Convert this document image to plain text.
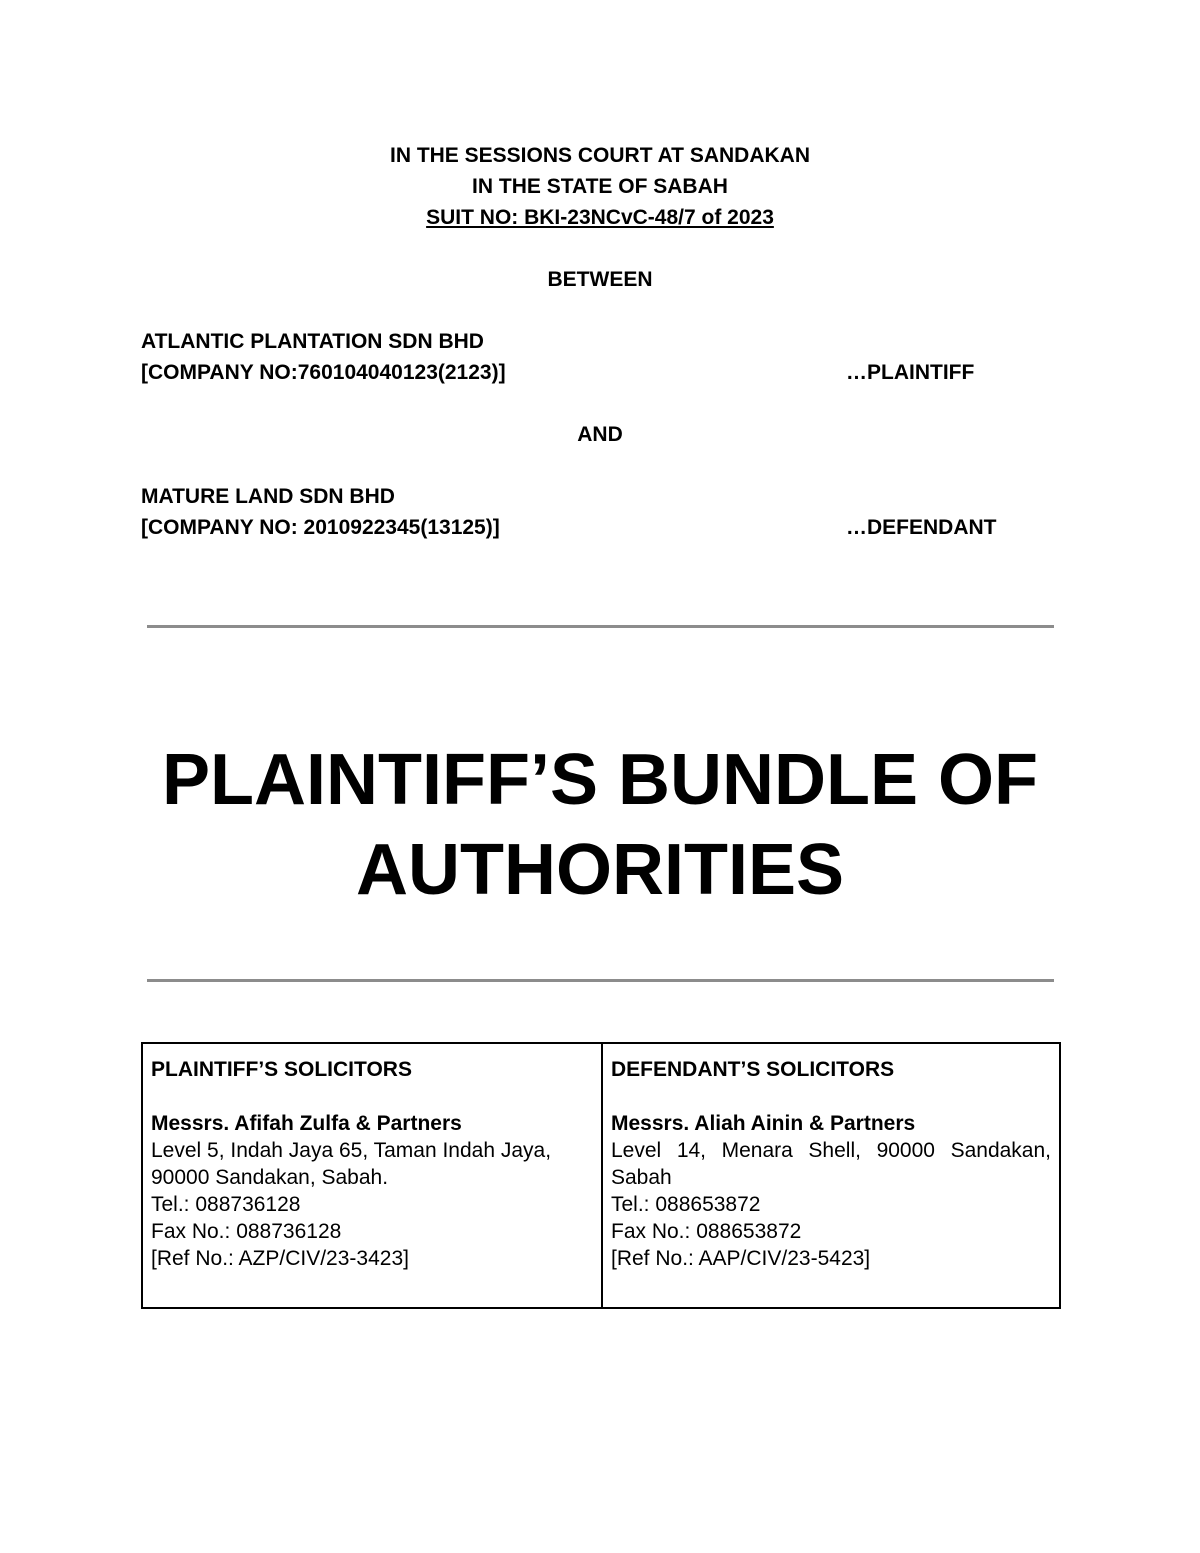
IN THE SESSIONS COURT AT SANDAKAN
IN THE STATE OF SABAH
SUIT NO: BKI-23NCvC-48/7 of 2023
BETWEEN
ATLANTIC PLANTATION SDN BHD
[COMPANY NO:760104040123(2123)]	…PLAINTIFF
AND
MATURE LAND SDN BHD
[COMPANY NO: 2010922345(13125)]	…DEFENDANT
PLAINTIFF’S BUNDLE OF
AUTHORITIES
PLAINTIFF’S SOLICITORS
Messrs. Afifah Zulfa & Partners
Level 5, Indah Jaya 65, Taman Indah Jaya,
90000 Sandakan, Sabah.
Tel.: 088736128
Fax No.: 088736128
[Ref No.: AZP/CIV/23-3423]
DEFENDANT’S SOLICITORS
Messrs. Aliah Ainin & Partners
Level 14, Menara Shell, 90000 Sandakan, Sabah
Tel.: 088653872
Fax No.: 088653872
[Ref No.: AAP/CIV/23-5423]
